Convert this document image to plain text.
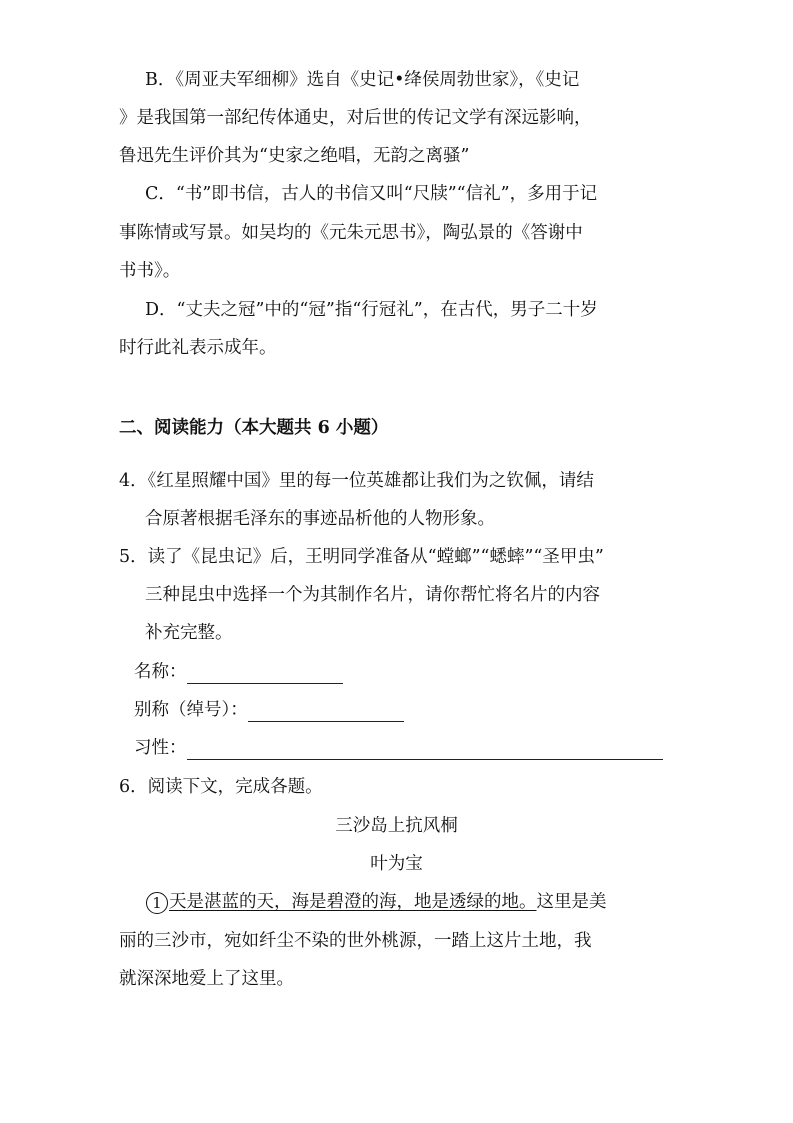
B．《周亚夫军细柳》选自《史记•绛侯周勃世家》，《史记
》是我国第一部纪传体通史，对后世的传记文学有深远影响，
鲁迅先生评价其为“史家之绝唱，无韵之离骚”
C．“书”即书信，古人的书信又叫“尺牍”“信礼”，多用于记
事陈情或写景。如吴均的《元朱元思书》，陶弘景的《答谢中
书书》。
D．“丈夫之冠”中的“冠”指“行冠礼”，在古代，男子二十岁
时行此礼表示成年。
二、阅读能力（本大题共 6 小题）
4．《红星照耀中国》里的每一位英雄都让我们为之钦佩，请结
合原著根据毛泽东的事迹品析他的人物形象。
5．读了《昆虫记》后，王明同学准备从“螳螂”“蟋蟀”“圣甲虫”
三种昆虫中选择一个为其制作名片，请你帮忙将名片的内容
补充完整。
名称：
别称（绰号）：
习性：
6．阅读下文，完成各题。
三沙岛上抗风桐
叶为宝
1 天是湛蓝的天，海是碧澄的海，地是透绿的地。这里是美
丽的三沙市，宛如纤尘不染的世外桃源，一踏上这片土地，我
就深深地爱上了这里。
